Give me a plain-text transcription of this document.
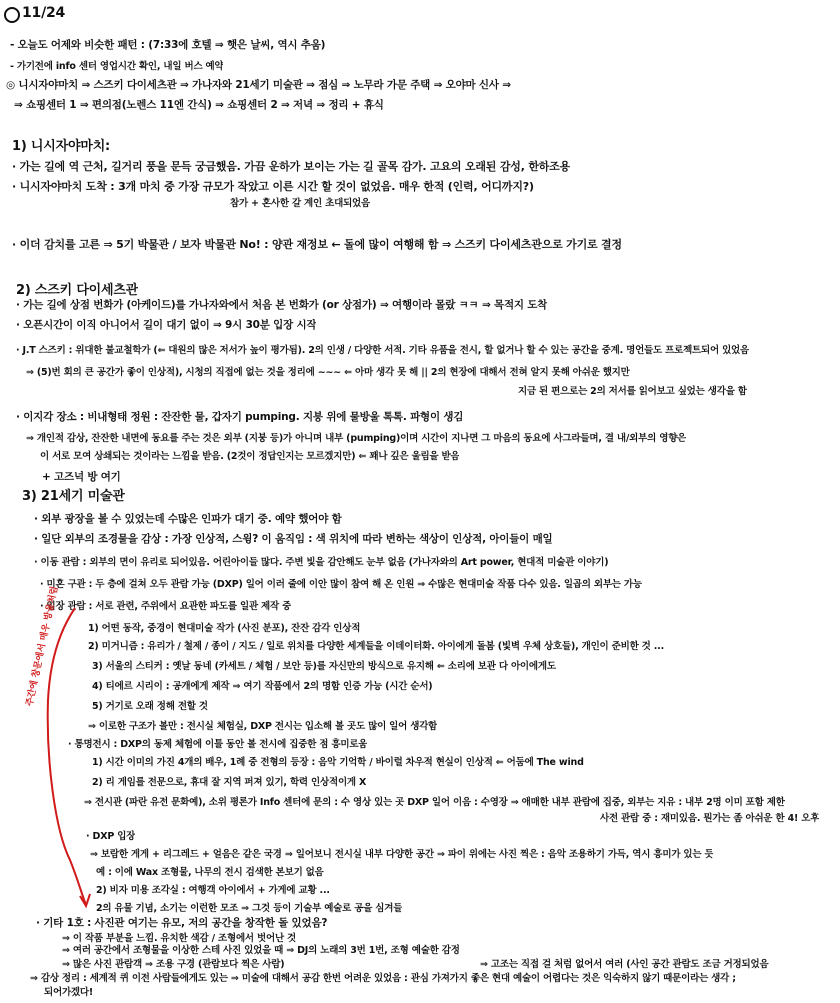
11/24
- 오늘도 어제와 비슷한 패턴 : (7:33에 호텔 ⇒ 햇은 날씨, 역시 추움)
- 가기전에 info 센터 영업시간 확인, 내일 버스 예약
◎ 니시자야마치 ⇒ 스즈키 다이세츠관 ⇒ 가나자와 21세기 미술관 ⇒ 점심 ⇒ 노무라 가문 주택 ⇒ 오야마 신사 ⇒
⇒ 쇼핑센터 1 ⇒ 편의점(노렌스 11엔 간식) ⇒ 쇼핑센터 2 ⇒ 저녁 ⇒ 정리 + 휴식
1) 니시자야마치:
· 가는 길에 역 근처, 길거리 풍을 문득 궁금했음. 가끔 운하가 보이는 가는 길 골목 감가. 고요의 오래된 감성, 한하조용
· 니시자야마치 도착 : 3개 마치 중 가장 규모가 작았고 이른 시간 할 것이 없었음. 매우 한적 (인력, 어디까지?)
참가 + 혼사한 갈 계인 초대되었음
· 이더 감치를 고른 ⇒ 5기 박물관 / 보자 박물관 No! : 양관 재정보 ← 돌에 많이 여행해 함 ⇒ 스즈키 다이세츠관으로 가기로 결정
2) 스즈키 다이세츠관
· 가는 길에 상점 번화가 (아케이드)를 가나자와에서 처음 본 번화가 (or 상점가) ⇒ 여행이라 몰랐 ㅋㅋ ⇒ 목적지 도착
· 오픈시간이 이직 아니어서 길이 대기 없이 ⇒ 9시 30분 입장 시작
· J.T 스즈키 : 위대한 불교철학가 (⇐ 대원의 많은 저서가 높이 평가됨). 2의 인생 / 다양한 서적. 기타 유품을 전시, 할 없거나 할 수 있는 공간을 중계. 명언들도 프로젝트되어 있었음
⇒ (5)번 회의 큰 공간가 좋이 인상적), 시청의 직접에 없는 것을 정리에 ~~~ ⇐ 아마 생각 못 해 || 2의 현장에 대해서 전혀 알지 못해 아쉬운 했지만
지금 된 편으로는 2의 저서를 읽어보고 싶었는 생각을 함
· 이지각 장소 : 비내형태 정원 : 잔잔한 물, 갑자기 pumping. 지붕 위에 물방울 톡톡. 파형이 생김
⇒ 개인적 감상, 잔잔한 내면에 동요를 주는 것은 외부 (지붕 등)가 아니며 내부 (pumping)이며 시간이 지나면 그 마음의 동요에 사그라들며, 결 내/외부의 영향은
이 서로 모여 상쇄되는 것이라는 느낌을 받음. (2것이 정답인지는 모르겠지만) ⇐ 꽤나 깊은 울림을 받음
+ 고즈넉 방 여기
3) 21세기 미술관
· 외부 광장을 볼 수 있었는데 수많은 인파가 대기 중. 예약 했어야 함
· 일단 외부의 조경물을 감상 : 가장 인상적, 스윙? 이 움직임 : 색 위치에 따라 변하는 색상이 인상적, 아이들이 매일
· 이동 관람 : 외부의 면이 유리로 되어있음. 어린아이들 많다. 주변 빛을 감안해도 눈부 없음 (가나자와의 Art power, 현대적 미술관 이야기)
· 미혼 구관 : 두 층에 걸쳐 오두 관람 가능 (DXP) 일어 이러 줄에 이안 많이 참여 해 온 인원 ⇒ 수많은 현대미술 작품 다수 있음. 일곱의 외부는 가능
· 입장 관람 : 서로 관련, 주위에서 요관한 파도를 일관 제작 중
1) 어떤 동작, 중경이 현대미술 작가 (사진 분포), 잔잔 감각 인상적
2) 미거니즘 : 유리가 / 철제 / 종이 / 지도 / 일로 위치를 다양한 세계들을 이데이터화. 아이에게 돌봄 (빛벽 우체 상호들), 개인이 준비한 것 ...
3) 서울의 스티커 : 옛날 동네 (카세트 / 체험 / 보안 등)를 자신만의 방식으로 유지해 ⇐ 소리에 보관 다 아이에게도
4) 티에르 시리이 : 공개에게 제작 ⇒ 여기 작품에서 2의 명함 인증 가능 (시간 순서)
5) 거기로 오래 정해 전할 것
⇒ 이로한 구조가 볼만 : 전시실 체험실, DXP 전시는 입소해 볼 곳도 많이 일어 생각함
· 통명전시 : DXP의 동제 체험에 이틀 동안 볼 전시에 집중한 점 흥미로움
1) 시간 이미의 가진 4개의 배우, 1례 중 전형의 등장 : 음악 기억학 / 바이럴 차우적 현실이 인상적 ⇐ 어둠에 The wind
2) 리 게임를 전문으로, 휴대 잘 지역 퍼져 있기, 학력 인상적이게 X
⇒ 전시관 (파란 유전 문화예), 소위 평론가 Info 센터에 문의 : 수 영상 있는 곳 DXP 일어 이음 : 수영장 ⇒ 애매한 내부 관람에 집중, 외부는 지유 : 내부 2명 이미 포함 제한
사전 관람 중 : 재미있음. 뭔가는 좀 아쉬운 한 4! 오후
· DXP 입장
⇒ 보람한 게게 + 리그레드 + 얼음은 같은 국경 ⇒ 일어보니 전시실 내부 다양한 공간 ⇒ 파이 위에는 사진 찍은 : 음악 조용하기 가득, 역시 흥미가 있는 듯
예 : 이에 Wax 조형물, 나무의 전시 검색한 본보기 없음
2) 비자 미용 조각실 : 여행객 아이에서 + 가게에 교황 ...
2의 유물 기념, 소기는 이런한 모조 ⇒ 그것 등이 기술부 예술로 공을 심겨들
· 기타 1호 : 사진관 여기는 유모, 저의 공간을 창작한 돌 있었음?
⇒ 이 작품 부분을 느낌. 유치한 색감 / 조형에서 벗어난 것
⇒ 여러 공간에서 조형물을 이상한 스테 사진 있었을 때 ⇒ DJ의 노래의 3번 1번, 조형 예술한 감정
⇒ 많은 사진 관람객 ⇒ 조용 구경 (관람보다 찍은 사람)	⇒ 고조는 직접 걸 처럼 없어서 여러 (사인 공간 관람도 조금 거정되었음
⇒ 감상 정리 : 세계적 퀴 이전 사람들에게도 있는 ⇒ 미술에 대해서 공감 한번 어려운 있었음 : 관심 가져가지 좋은 현대 예술이 어렵다는 것은 익숙하지 않기 때문이라는 생각 ;
되어가겠다!
주간에 창문에서 매우 방울처럼
